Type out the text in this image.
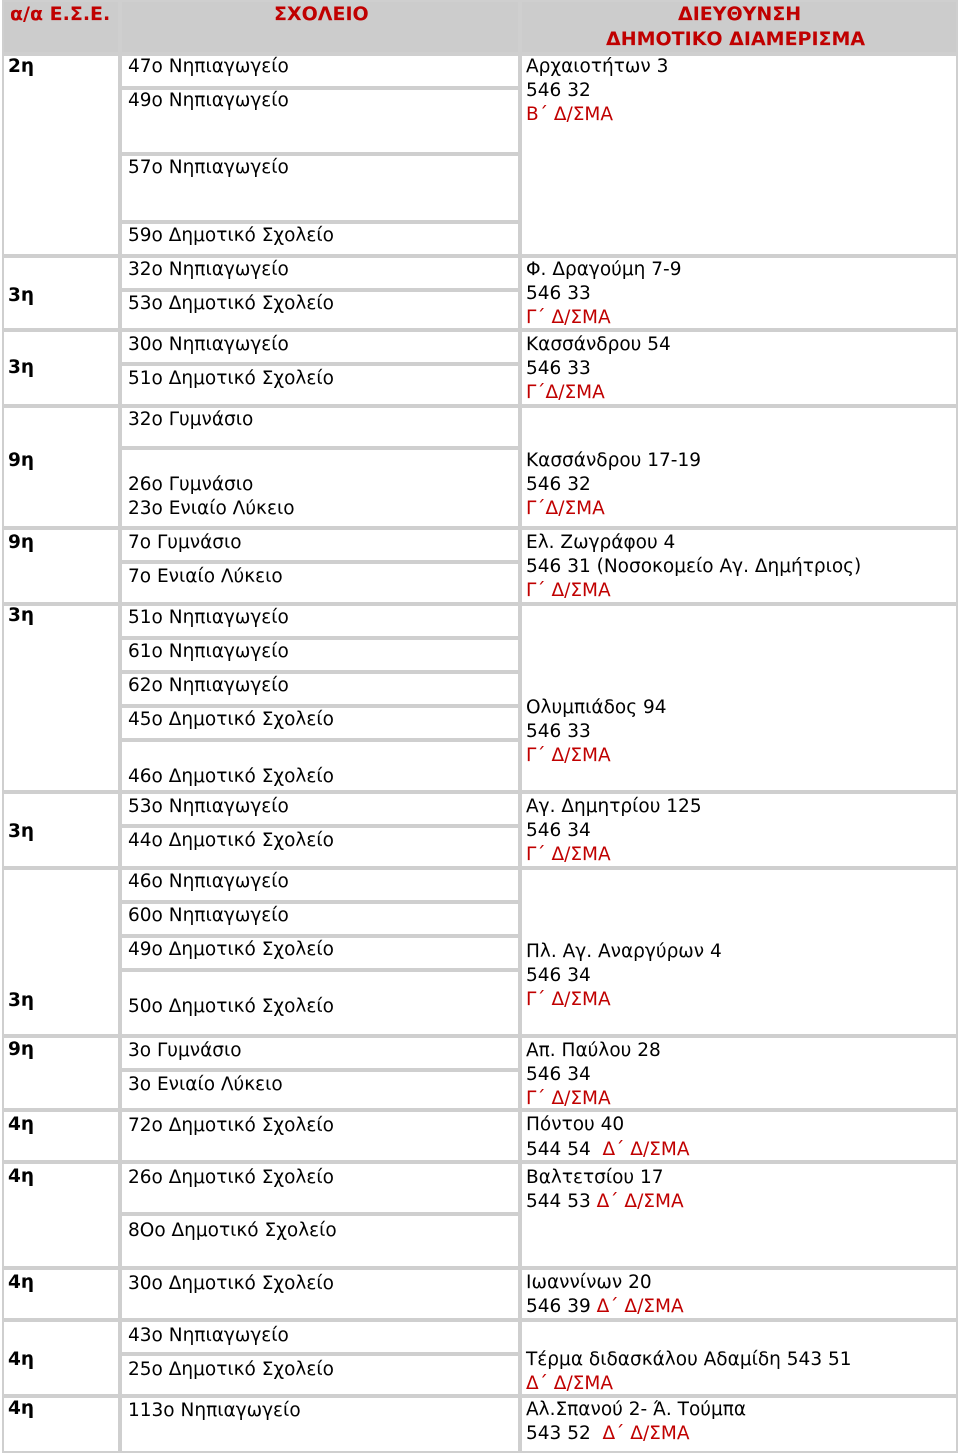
α/α Ε.Σ.Ε.	ΣΧΟΛΕΙΟ	ΔΙΕΥΘΥΝΣΗ
ΔΗΜΟΤΙΚΟ ΔΙΑΜΕΡΙΣΜΑ
2η
3η
3η
9η
9η
3η
3η
3η
9η
4η
4η
4η
4η
4η
47ο Νηπιαγωγείο
49ο Νηπιαγωγείο
57ο Νηπιαγωγείο
59ο Δημοτικό Σχολείο
32ο Νηπιαγωγείο
53ο Δημοτικό Σχολείο
30ο Νηπιαγωγείο
51ο Δημοτικό Σχολείο
32ο Γυμνάσιο
26ο Γυμνάσιο
23ο Ενιαίο Λύκειο
7ο Γυμνάσιο
7ο Ενιαίο Λύκειο
51ο Νηπιαγωγείο
61ο Νηπιαγωγείο
62ο Νηπιαγωγείο
45ο Δημοτικό Σχολείο
46ο Δημοτικό Σχολείο
53ο Νηπιαγωγείο
44ο Δημοτικό Σχολείο
46ο Νηπιαγωγείο
60ο Νηπιαγωγείο
49ο Δημοτικό Σχολείο
50ο Δημοτικό Σχολείο
3ο Γυμνάσιο
3ο Ενιαίο Λύκειο
72ο Δημοτικό Σχολείο
26ο Δημοτικό Σχολείο
8Οο Δημοτικό Σχολείο
30ο Δημοτικό Σχολείο
43ο Νηπιαγωγείο
25ο Δημοτικό Σχολείο
113ο Νηπιαγωγείο
Αρχαιοτήτων 3
546 32
Β΄ Δ/ΣΜΑ
Φ. Δραγούμη 7-9
546 33
Γ΄ Δ/ΣΜΑ
Κασσάνδρου 54
546 33
Γ΄Δ/ΣΜΑ
Κασσάνδρου 17-19
546 32
Γ΄Δ/ΣΜΑ
Ελ. Ζωγράφου 4
546 31 (Νοσοκομείο Αγ. Δημήτριος)
Γ΄ Δ/ΣΜΑ
Ολυμπιάδος 94
546 33
Γ΄ Δ/ΣΜΑ
Αγ. Δημητρίου 125
546 34
Γ΄ Δ/ΣΜΑ
Πλ. Αγ. Αναργύρων 4
546 34
Γ΄ Δ/ΣΜΑ
Απ. Παύλου 28
546 34
Γ΄ Δ/ΣΜΑ
Πόντου 40
544 54 Δ΄ Δ/ΣΜΑ
Βαλτετσίου 17
544 53 Δ΄ Δ/ΣΜΑ
Ιωαννίνων 20
546 39 Δ΄ Δ/ΣΜΑ
Τέρμα διδασκάλου Αδαμίδη 543 51
Δ΄ Δ/ΣΜΑ
Αλ.Σπανού 2- Ά. Τούμπα
543 52 Δ΄ Δ/ΣΜΑ
